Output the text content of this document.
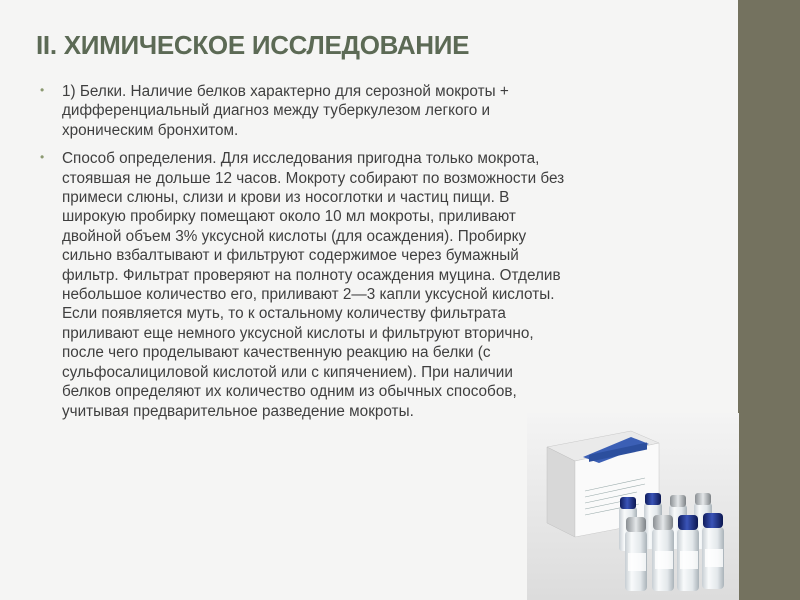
II. ХИМИЧЕСКОЕ ИССЛЕДОВАНИЕ
• 1) Белки. Наличие белков характерно для серозной мокроты +
дифференциальный диагноз между туберкулезом легкого и
хроническим бронхитом.
• Способ определения. Для исследования пригодна только мокрота,
стоявшая не дольше 12 часов. Мокроту собирают по возможности без
примеси слюны, слизи и крови из носоглотки и частиц пищи. В
широкую пробирку помещают около 10 мл мокроты, приливают
двойной объем 3% уксусной кислоты (для осаждения). Пробирку
сильно взбалтывают и фильтруют содержимое через бумажный
фильтр. Фильтрат проверяют на полноту осаждения муцина. Отделив
небольшое количество его, приливают 2—3 капли уксусной кислоты.
Если появляется муть, то к остальному количеству фильтрата
приливают еще немного уксусной кислоты и фильтруют вторично,
после чего проделывают качественную реакцию на белки (с
сульфосалициловой кислотой или с кипячением). При наличии
белков определяют их количество одним из обычных способов,
учитывая предварительное разведение мокроты.
